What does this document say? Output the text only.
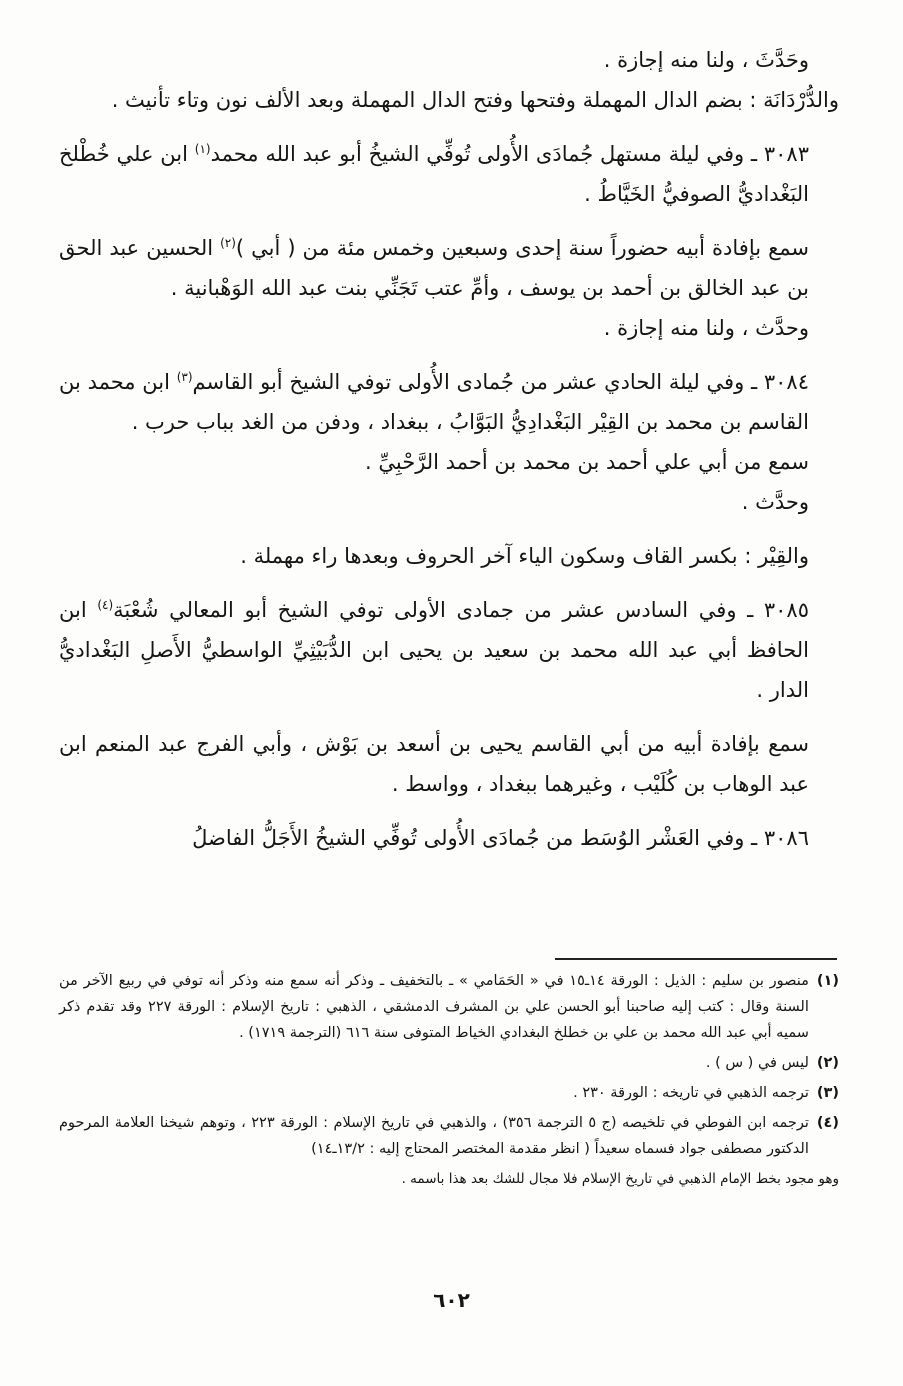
وحَدَّثَ ، ولنا منه إجازة .

والدُّرْدَانَة : بضم الدال المهملة وفتحها وفتح الدال المهملة وبعد الألف نون وتاء تأنيث .

٣٠٨٣ ـ وفي ليلة مستهل جُمادَى الأُولى تُوفِّي الشيخُ أبو عبد الله محمد$^{(١)}$ ابن علي خُطْلخ البَغْداديُّ الصوفيُّ الخَيَّاطُ .

سمع بإفادة أبيه حضوراً سنة إحدى وسبعين وخمس مئة من ( أبي )$^{(٢)}$ الحسين عبد الحق بن عبد الخالق بن أحمد بن يوسف ، وأمِّ عتب تَجَنِّي بنت عبد الله الوَهْبانية .

وحدَّث ، ولنا منه إجازة .

٣٠٨٤ ـ وفي ليلة الحادي عشر من جُمادى الأُولى توفي الشيخ أبو القاسم$^{(٣)}$ ابن محمد بن القاسم بن محمد بن القِيْر البَغْدادِيُّ البَوَّابُ ، ببغداد ، ودفن من الغد بباب حرب .

سمع من أبي علي أحمد بن محمد بن أحمد الرَّحْبِيِّ .

وحدَّث .

والقِيْر : بكسر القاف وسكون الياء آخر الحروف وبعدها راء مهملة .

٣٠٨٥ ـ وفي السادس عشر من جمادى الأولى توفي الشيخ أبو المعالي شُعْبَة$^{(٤)}$ ابن الحافظ أبي عبد الله محمد بن سعيد بن يحيى ابن الدُّبَيْثِيِّ الواسطيُّ الأَصلِ البَغْداديُّ الدار .

سمع بإفادة أبيه من أبي القاسم يحيى بن أسعد بن بَوْش ، وأبي الفرج عبد المنعم ابن عبد الوهاب بن كُلَيْب ، وغيرهما ببغداد ، وواسط .

٣٠٨٦ ـ وفي العَشْر الوُسَط من جُمادَى الأُولى تُوفِّي الشيخُ الأَجَلُّ الفاضلُ

(١)
منصور بن سليم : الذيل : الورقة ١٤ـ١٥ في « الحَمَامي » ـ بالتخفيف ـ وذكر أنه سمع منه وذكر أنه توفي في ربيع الآخر من السنة وقال : كتب إليه صاحبنا أبو الحسن علي بن المشرف الدمشقي ، الذهبي : تاريخ الإسلام : الورقة ٢٢٧ وقد تقدم ذكر سميه أبي عبد الله محمد بن علي بن خطلخ البغدادي الخياط المتوفى سنة ٦١٦ (الترجمة ١٧١٩) .
(٢)
ليس في ( س ) .
(٣)
ترجمه الذهبي في تاريخه : الورقة ٢٣٠ .
(٤)
ترجمه ابن الفوطي في تلخيصه (ج ٥ الترجمة ٣٥٦) ، والذهبي في تاريخ الإسلام : الورقة ٢٢٣ ، وتوهم شيخنا العلامة المرحوم الدكتور مصطفى جواد فسماه سعيداً ( انظر مقدمة المختصر المحتاج إليه : ١٣/٢ـ١٤)
وهو مجود بخط الإمام الذهبي في تاريخ الإسلام فلا مجال للشك بعد هذا باسمه .
٦٠٢
